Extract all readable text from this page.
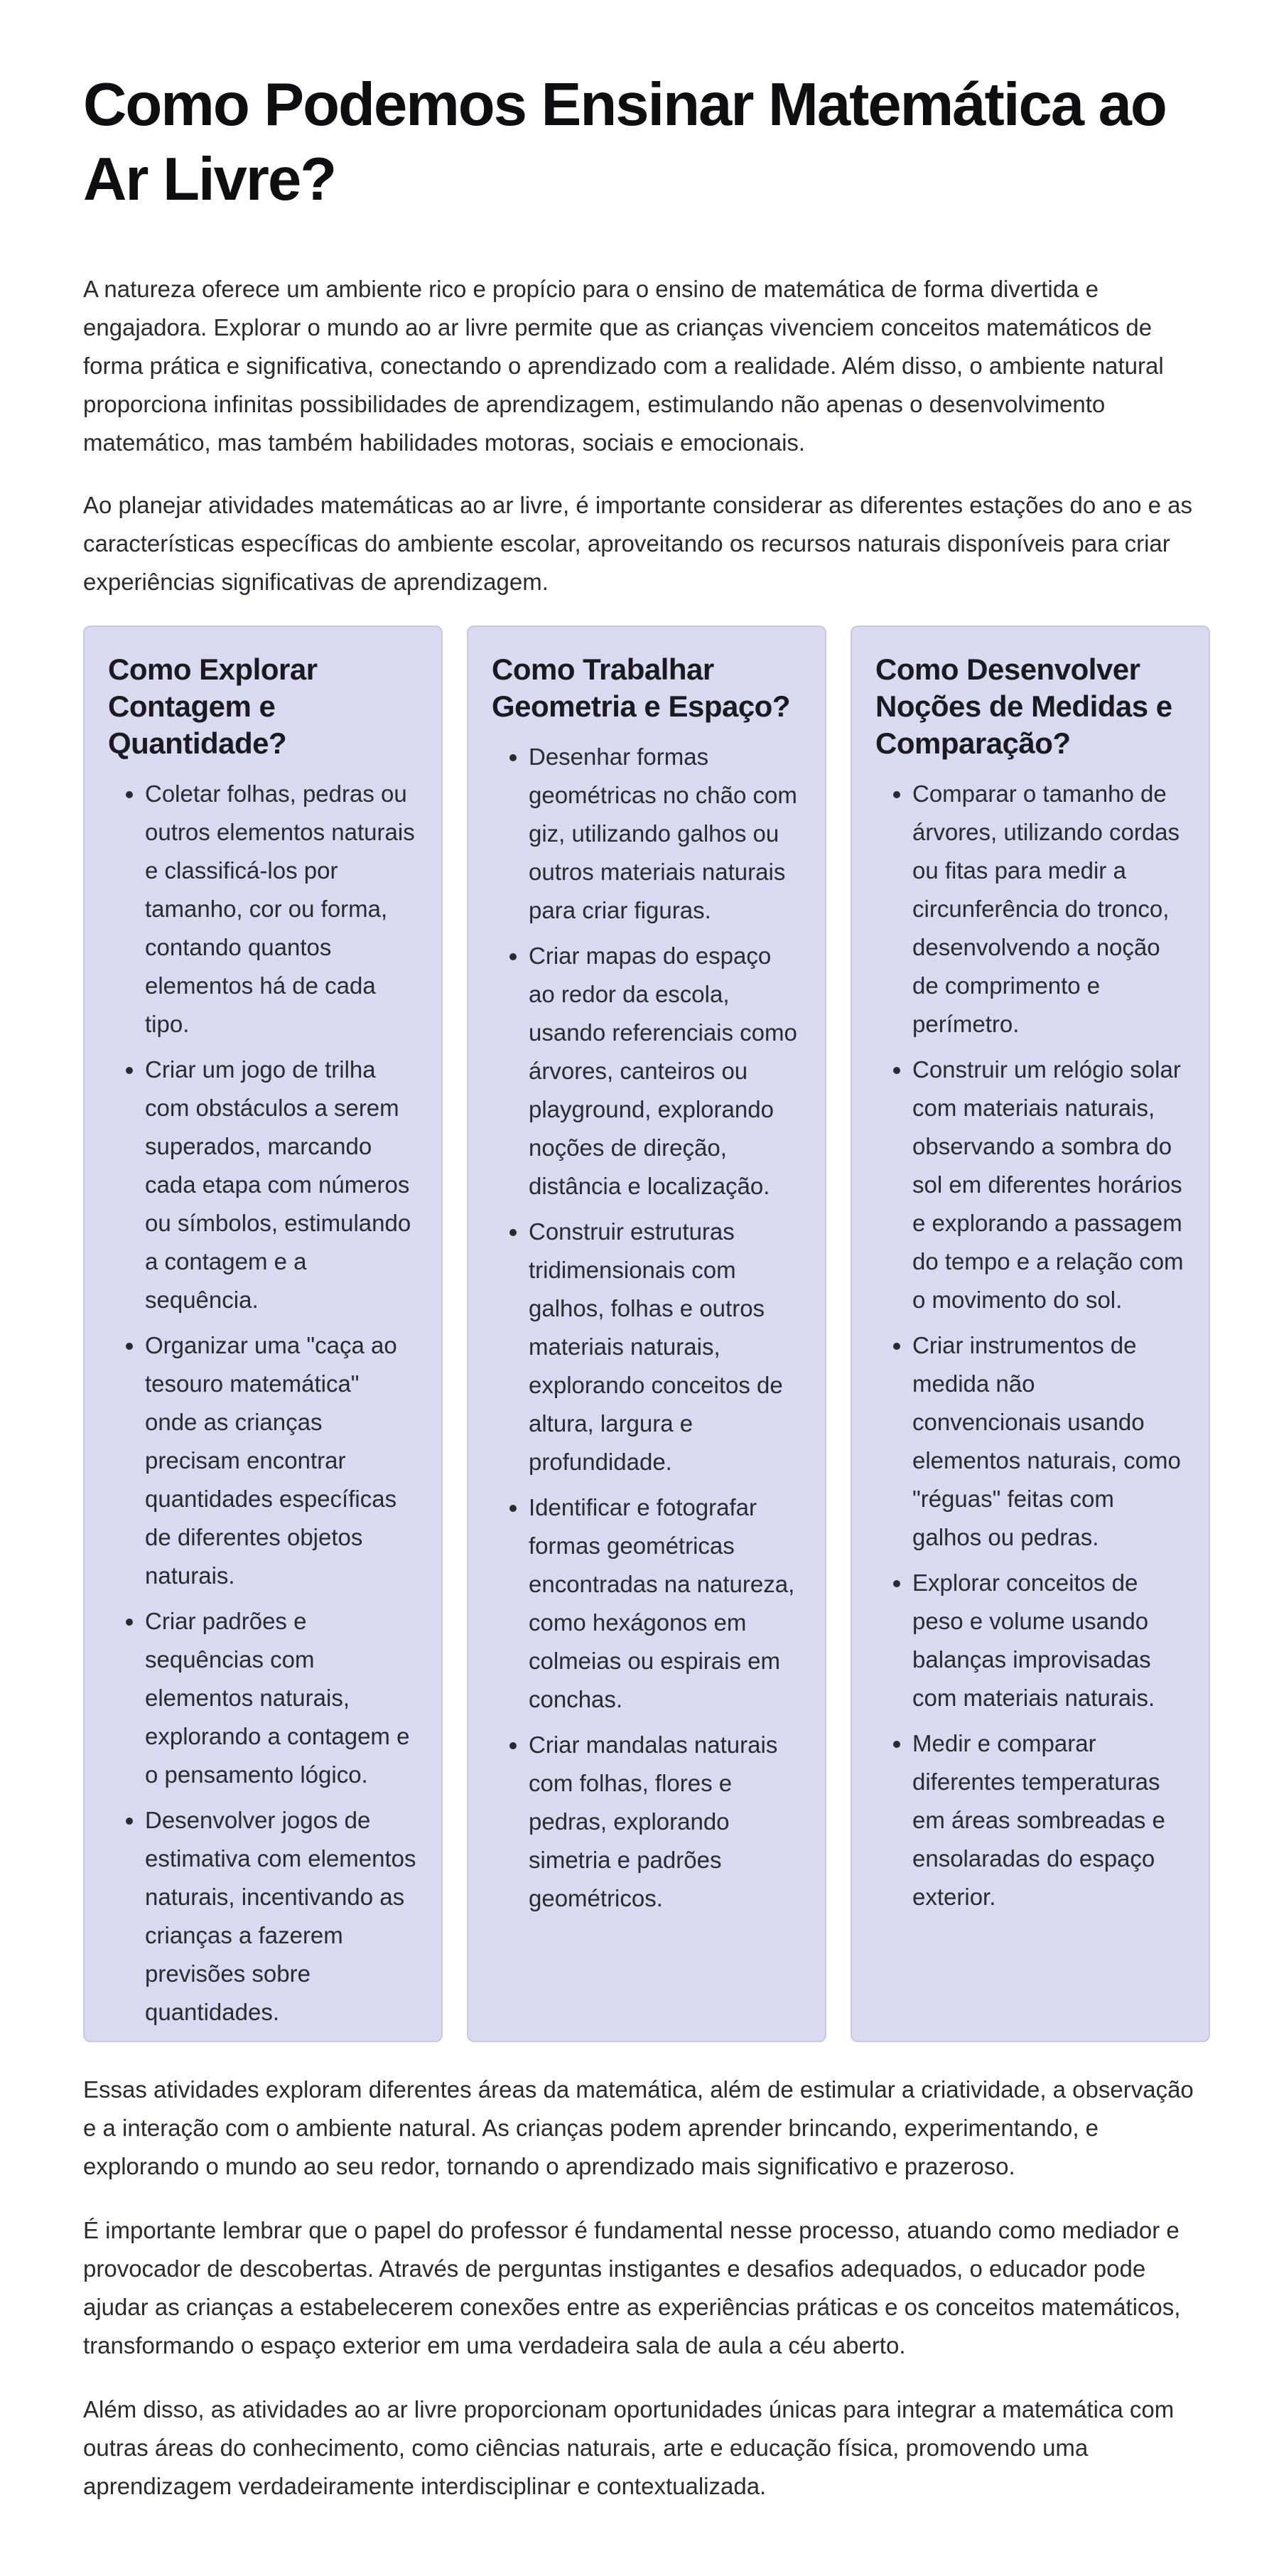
Como Podemos Ensinar Matemática ao Ar Livre?

A natureza oferece um ambiente rico e propício para o ensino de matemática de forma divertida e engajadora. Explorar o mundo ao ar livre permite que as crianças vivenciem conceitos matemáticos de forma prática e significativa, conectando o aprendizado com a realidade. Além disso, o ambiente natural proporciona infinitas possibilidades de aprendizagem, estimulando não apenas o desenvolvimento matemático, mas também habilidades motoras, sociais e emocionais.

Ao planejar atividades matemáticas ao ar livre, é importante considerar as diferentes estações do ano e as características específicas do ambiente escolar, aproveitando os recursos naturais disponíveis para criar experiências significativas de aprendizagem.

Como Explorar Contagem e Quantidade?
• Coletar folhas, pedras ou outros elementos naturais e classificá-los por tamanho, cor ou forma, contando quantos elementos há de cada tipo.
• Criar um jogo de trilha com obstáculos a serem superados, marcando cada etapa com números ou símbolos, estimulando a contagem e a sequência.
• Organizar uma "caça ao tesouro matemática" onde as crianças precisam encontrar quantidades específicas de diferentes objetos naturais.
• Criar padrões e sequências com elementos naturais, explorando a contagem e o pensamento lógico.
• Desenvolver jogos de estimativa com elementos naturais, incentivando as crianças a fazerem previsões sobre quantidades.
Como Trabalhar Geometria e Espaço?
• Desenhar formas geométricas no chão com giz, utilizando galhos ou outros materiais naturais para criar figuras.
• Criar mapas do espaço ao redor da escola, usando referenciais como árvores, canteiros ou playground, explorando noções de direção, distância e localização.
• Construir estruturas tridimensionais com galhos, folhas e outros materiais naturais, explorando conceitos de altura, largura e profundidade.
• Identificar e fotografar formas geométricas encontradas na natureza, como hexágonos em colmeias ou espirais em conchas.
• Criar mandalas naturais com folhas, flores e pedras, explorando simetria e padrões geométricos.
Como Desenvolver Noções de Medidas e Comparação?
• Comparar o tamanho de árvores, utilizando cordas ou fitas para medir a circunferência do tronco, desenvolvendo a noção de comprimento e perímetro.
• Construir um relógio solar com materiais naturais, observando a sombra do sol em diferentes horários e explorando a passagem do tempo e a relação com o movimento do sol.
• Criar instrumentos de medida não convencionais usando elementos naturais, como "réguas" feitas com galhos ou pedras.
• Explorar conceitos de peso e volume usando balanças improvisadas com materiais naturais.
• Medir e comparar diferentes temperaturas em áreas sombreadas e ensolaradas do espaço exterior.

Essas atividades exploram diferentes áreas da matemática, além de estimular a criatividade, a observação e a interação com o ambiente natural. As crianças podem aprender brincando, experimentando, e explorando o mundo ao seu redor, tornando o aprendizado mais significativo e prazeroso.

É importante lembrar que o papel do professor é fundamental nesse processo, atuando como mediador e provocador de descobertas. Através de perguntas instigantes e desafios adequados, o educador pode ajudar as crianças a estabelecerem conexões entre as experiências práticas e os conceitos matemáticos, transformando o espaço exterior em uma verdadeira sala de aula a céu aberto.

Além disso, as atividades ao ar livre proporcionam oportunidades únicas para integrar a matemática com outras áreas do conhecimento, como ciências naturais, arte e educação física, promovendo uma aprendizagem verdadeiramente interdisciplinar e contextualizada.
